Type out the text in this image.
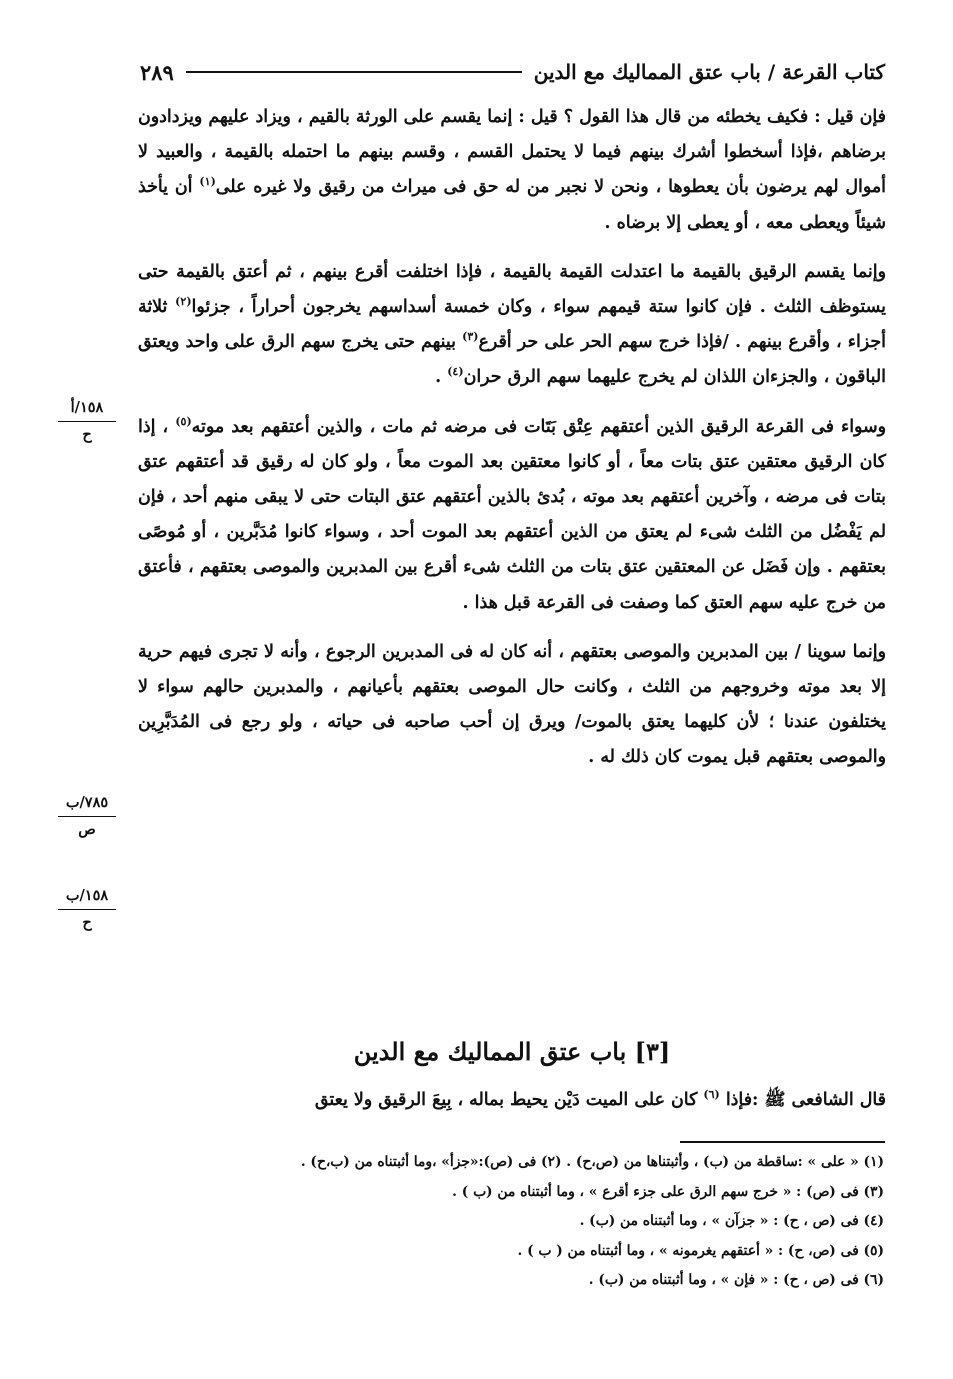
كتاب القرعة / باب عتق المماليك مع الدين
٢٨٩

فإن قيل : فكيف يخطئه من قال هذا القول ؟ قيل : إنما يقسم على الورثة بالقيم ، ويزاد عليهم ويزدادون برضاهم ،فإذا أسخطوا أشرك بينهم فيما لا يحتمل القسم ، وقسم بينهم ما احتمله بالقيمة ، والعبيد لا أموال لهم يرضون بأن يعطوها ، ونحن لا نجبر من له حق فى ميراث من رقيق ولا غيره على$^{(١)}$ أن يأخذ شيئاً ويعطى معه ، أو يعطى إلا برضاه .

وإنما يقسم الرقيق بالقيمة ما اعتدلت القيمة بالقيمة ، فإذا اختلفت أقرع بينهم ، ثم أعتق بالقيمة حتى يستوظف الثلث . فإن كانوا ستة قيمهم سواء ، وكان خمسة أسداسهم يخرجون أحراراً ، جزئوا$^{(٢)}$ ثلاثة أجزاء ، وأقرع بينهم . /فإذا خرج سهم الحر على حر أقرع$^{(٣)}$ بينهم حتى يخرج سهم الرق على واحد ويعتق الباقون ، والجزءان اللذان لم يخرج عليهما سهم الرق حران$^{(٤)}$ .

وسواء فى القرعة الرقيق الذين أعتقهم عِتْق بَتَات فى مرضه ثم مات ، والذين أعتقهم بعد موته$^{(٥)}$ ، إذا كان الرقيق معتقين عتق بتات معاً ، أو كانوا معتقين بعد الموت معاً ، ولو كان له رقيق قد أعتقهم عتق بتات فى مرضه ، وآخرين أعتقهم بعد موته ، بُدئ بالذين أعتقهم عتق البتات حتى لا يبقى منهم أحد ، فإن لم يَفْضُل من الثلث شىء لم يعتق من الذين أعتقهم بعد الموت أحد ، وسواء كانوا مُدَبَّرين ، أو مُوصًى بعتقهم . وإن فَضَل عن المعتقين عتق بتات من الثلث شىء أقرع بين المدبرين والموصى بعتقهم ، فأعتق من خرج عليه سهم العتق كما وصفت فى القرعة قبل هذا .

وإنما سوينا / بين المدبرين والموصى بعتقهم ، أنه كان له فى المدبرين الرجوع ، وأنه لا تجرى فيهم حرية إلا بعد موته وخروجهم من الثلث ، وكانت حال الموصى بعتقهم بأعيانهم ، والمدبرين حالهم سواء لا يختلفون عندنا ؛ لأن كليهما يعتق بالموت/ ويرق إن أحب صاحبه فى حياته ، ولو رجع فى المُدَبَّرِين والموصى بعتقهم قبل يموت كان ذلك له .

[٣] باب عتق المماليك مع الدين
قال الشافعى ﷺ :فإذا $^{(٦)}$ كان على الميت دَيْن يحيط بماله ، بِيعَ الرقيق ولا يعتق

(١) « على » :ساقطة من (ب) ، وأثبتناها من (ص،ح) . (٢) فى (ص):«جزأ» ،وما أثبتناه من (ب،ح) .

(٣) فى (ص) : « خرج سهم الرق على جزء أقرع » ، وما أثبتناه من (ب ) .

(٤) فى (ص ، ح) : « جزآن » ، وما أثبتناه من (ب) .

(٥) فى (ص، ح) : « أعتقهم يغرمونه » ، وما أثبتناه من ( ب ) .

(٦) فى (ص ، ح) : « فإن » ، وما أثبتناه من (ب) .

١٥٨/أ
ح
٧٨٥/ب
ص
١٥٨/ب
ح
